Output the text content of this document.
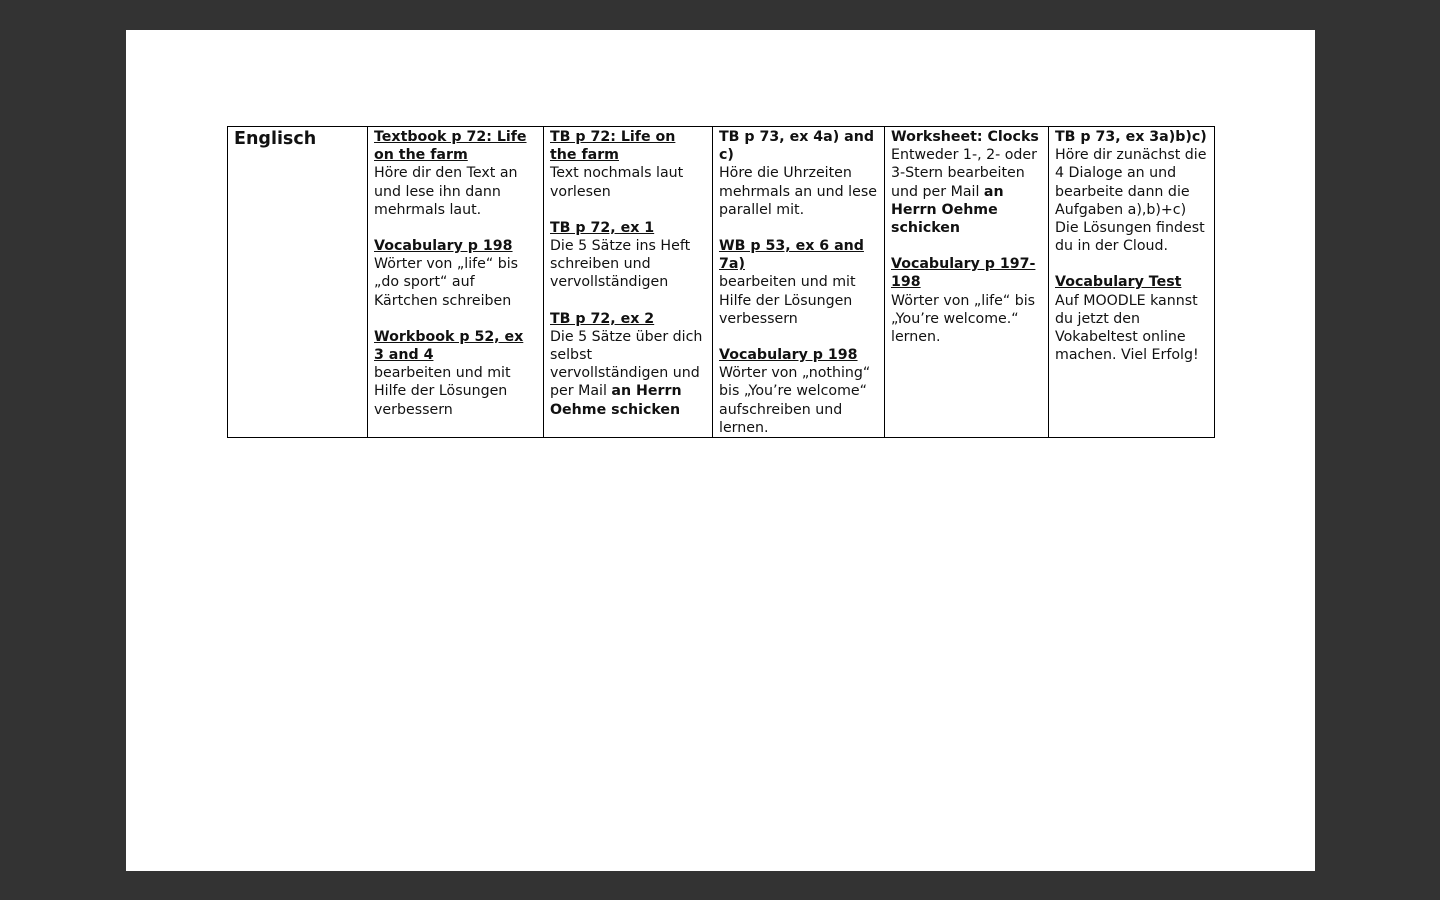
Englisch	Textbook p 72: Life on the farm
Höre dir den Text an und lese ihn dann mehrmals laut.
Vocabulary p 198
Wörter von „life“ bis „do sport“ auf Kärtchen schreiben
Workbook p 52, ex 3 and 4
bearbeiten und mit Hilfe der Lösungen verbessern

TB p 72: Life on the farm
Text nochmals laut vorlesen
TB p 72, ex 1
Die 5 Sätze ins Heft schreiben und vervollständigen
TB p 72, ex 2
Die 5 Sätze über dich selbst vervollständigen und per Mail an Herrn Oehme schicken

TB p 73, ex 4a) and c)
Höre die Uhrzeiten mehrmals an und lese parallel mit.
WB p 53, ex 6 and 7a)
bearbeiten und mit Hilfe der Lösungen verbessern
Vocabulary p 198
Wörter von „nothing“ bis „You’re welcome“ aufschreiben und lernen.

Worksheet: Clocks
Entweder 1-, 2- oder 3-Stern bearbeiten und per Mail an Herrn Oehme schicken
Vocabulary p 197-198
Wörter von „life“ bis „You’re welcome.“ lernen.

TB p 73, ex 3a)b)c)
Höre dir zunächst die 4 Dialoge an und bearbeite dann die Aufgaben a),b)+c) Die Lösungen findest du in der Cloud.
Vocabulary Test
Auf MOODLE kannst du jetzt den Vokabeltest online machen. Viel Erfolg!
